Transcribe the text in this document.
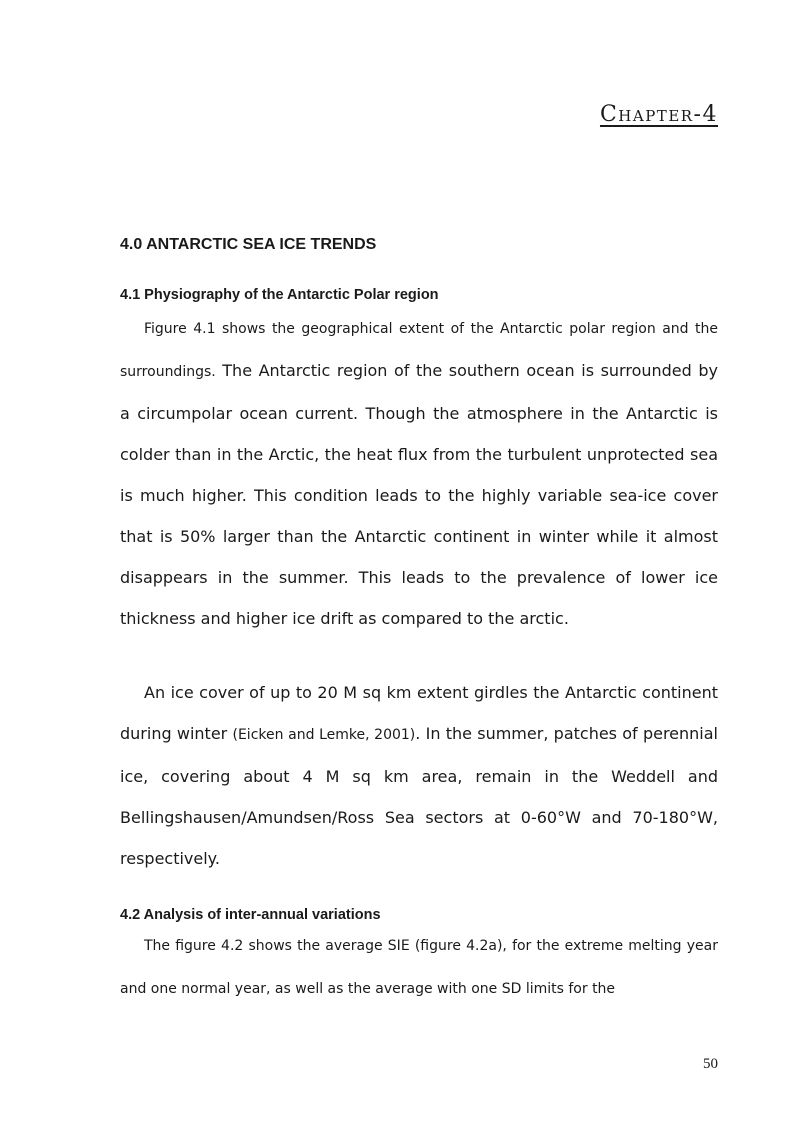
Chapter-4
4.0 ANTARCTIC SEA ICE TRENDS
4.1 Physiography of the Antarctic Polar region

Figure 4.1 shows the geographical extent of the Antarctic polar region and the surroundings. The Antarctic region of the southern ocean is surrounded by a circumpolar ocean current. Though the atmosphere in the Antarctic is colder than in the Arctic, the heat flux from the turbulent unprotected sea is much higher. This condition leads to the highly variable sea-ice cover that is 50% larger than the Antarctic continent in winter while it almost disappears in the summer. This leads to the prevalence of lower ice thickness and higher ice drift as compared to the arctic.

An ice cover of up to 20 M sq km extent girdles the Antarctic continent during winter (Eicken and Lemke, 2001). In the summer, patches of perennial ice, covering about 4 M sq km area, remain in the Weddell and Bellingshausen/Amundsen/Ross Sea sectors at 0-60°W and 70-180°W, respectively.

4.2 Analysis of inter-annual variations

The figure 4.2 shows the average SIE (figure 4.2a), for the extreme melting year and one normal year, as well as the average with one SD limits for the

50
